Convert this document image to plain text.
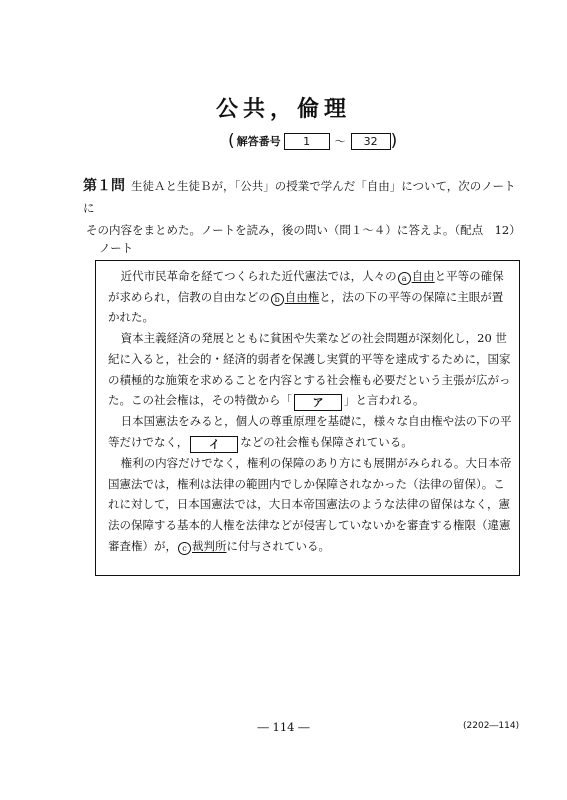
公共，倫理
( 解答番号	1	～	32 )
第１問 生徒Ａと生徒Ｂが，「公共」の授業で学んだ「自由」について，次のノートに
その内容をまとめた。ノートを読み，後の問い（問１～４）に答えよ。（配点　12）
ノート

近代市民革命を経てつくられた近代憲法では，人々の a 自由と平等の確保が求められ，信教の自由などの b 自由権と，法の下の平等の保障に主眼が置かれた。

資本主義経済の発展とともに貧困や失業などの社会問題が深刻化し，20 世紀に入ると，社会的・経済的弱者を保護し実質的平等を達成するために，国家の積極的な施策を求めることを内容とする社会権も必要だという主張が広がった。この社会権は，その特徴から「 ア 」と言われる。

日本国憲法をみると，個人の尊重原理を基礎に，様々な自由権や法の下の平等だけでなく， イ などの社会権も保障されている。

権利の内容だけでなく，権利の保障のあり方にも展開がみられる。大日本帝国憲法では，権利は法律の範囲内でしか保障されなかった（法律の留保）。これに対して，日本国憲法では，大日本帝国憲法のような法律の留保はなく，憲法の保障する基本的人権を法律などが侵害していないかを審査する権限（違憲審査権）が， c 裁判所に付与されている。

― 114 ―	(2202―114)
